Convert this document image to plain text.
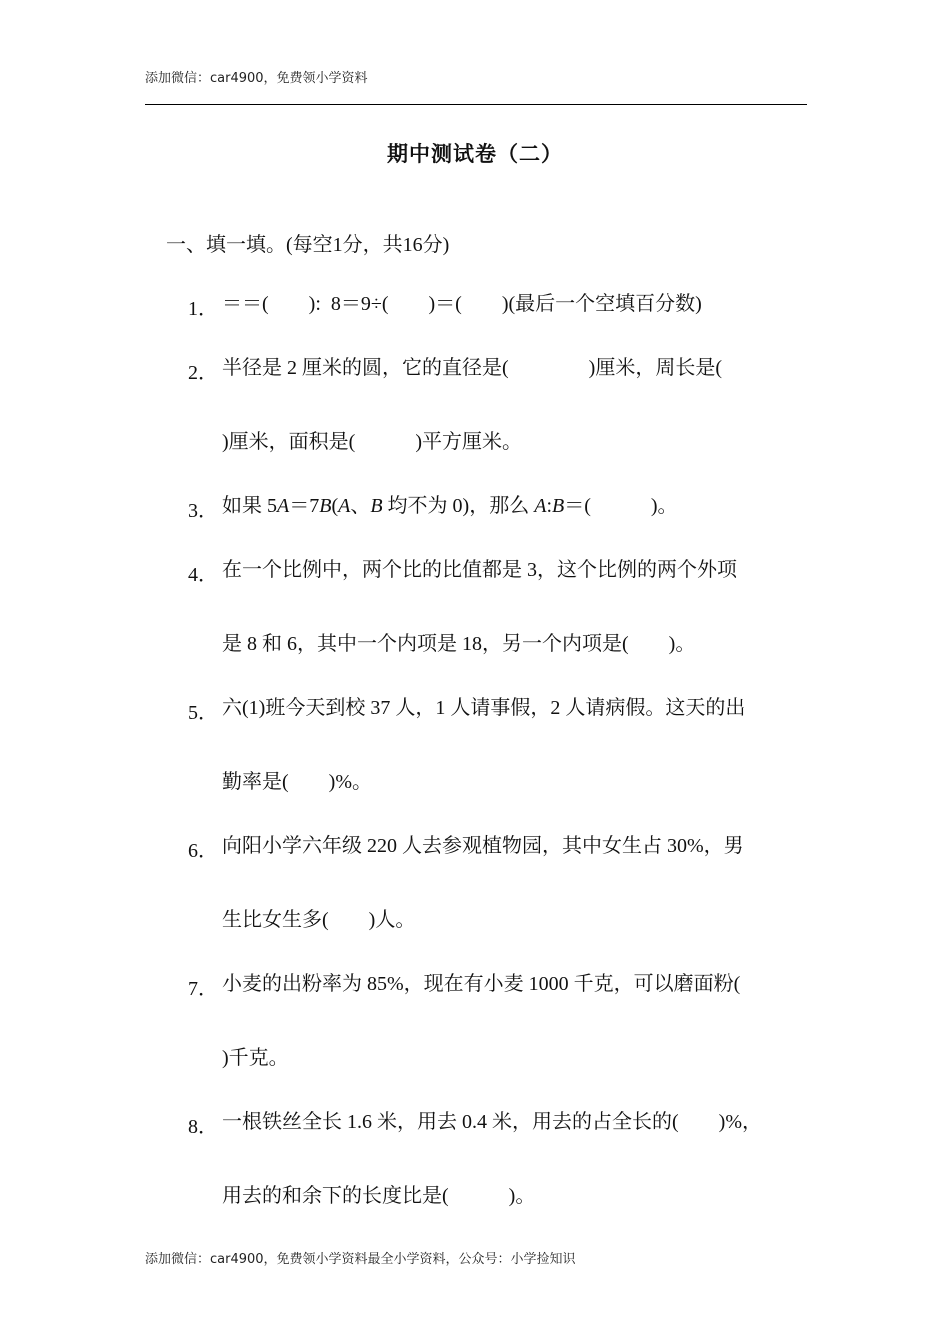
添加微信：car4900，免费领小学资料
期中测试卷（二）
一、填一填。(每空1分，共16分)
1． ＝＝(        ):  8＝9÷(        )＝(        )(最后一个空填百分数)
2． 半径是 2 厘米的圆，它的直径是(                )厘米，周长是(
)厘米，面积是(            )平方厘米。
3． 如果 5A＝7B(A、B 均不为 0)，那么 A:B＝(            )。
4． 在一个比例中，两个比的比值都是 3，这个比例的两个外项
是 8 和 6，其中一个内项是 18，另一个内项是(        )。
5． 六(1)班今天到校 37 人，1 人请事假，2 人请病假。这天的出
勤率是(        )%。
6． 向阳小学六年级 220 人去参观植物园，其中女生占 30%，男
生比女生多(        )人。
7． 小麦的出粉率为 85%，现在有小麦 1000 千克，可以磨面粉(
)千克。
8． 一根铁丝全长 1.6 米，用去 0.4 米，用去的占全长的(        )%，
用去的和余下的长度比是(            )。
添加微信：car4900，免费领小学资料最全小学资料，公众号：小学捡知识
